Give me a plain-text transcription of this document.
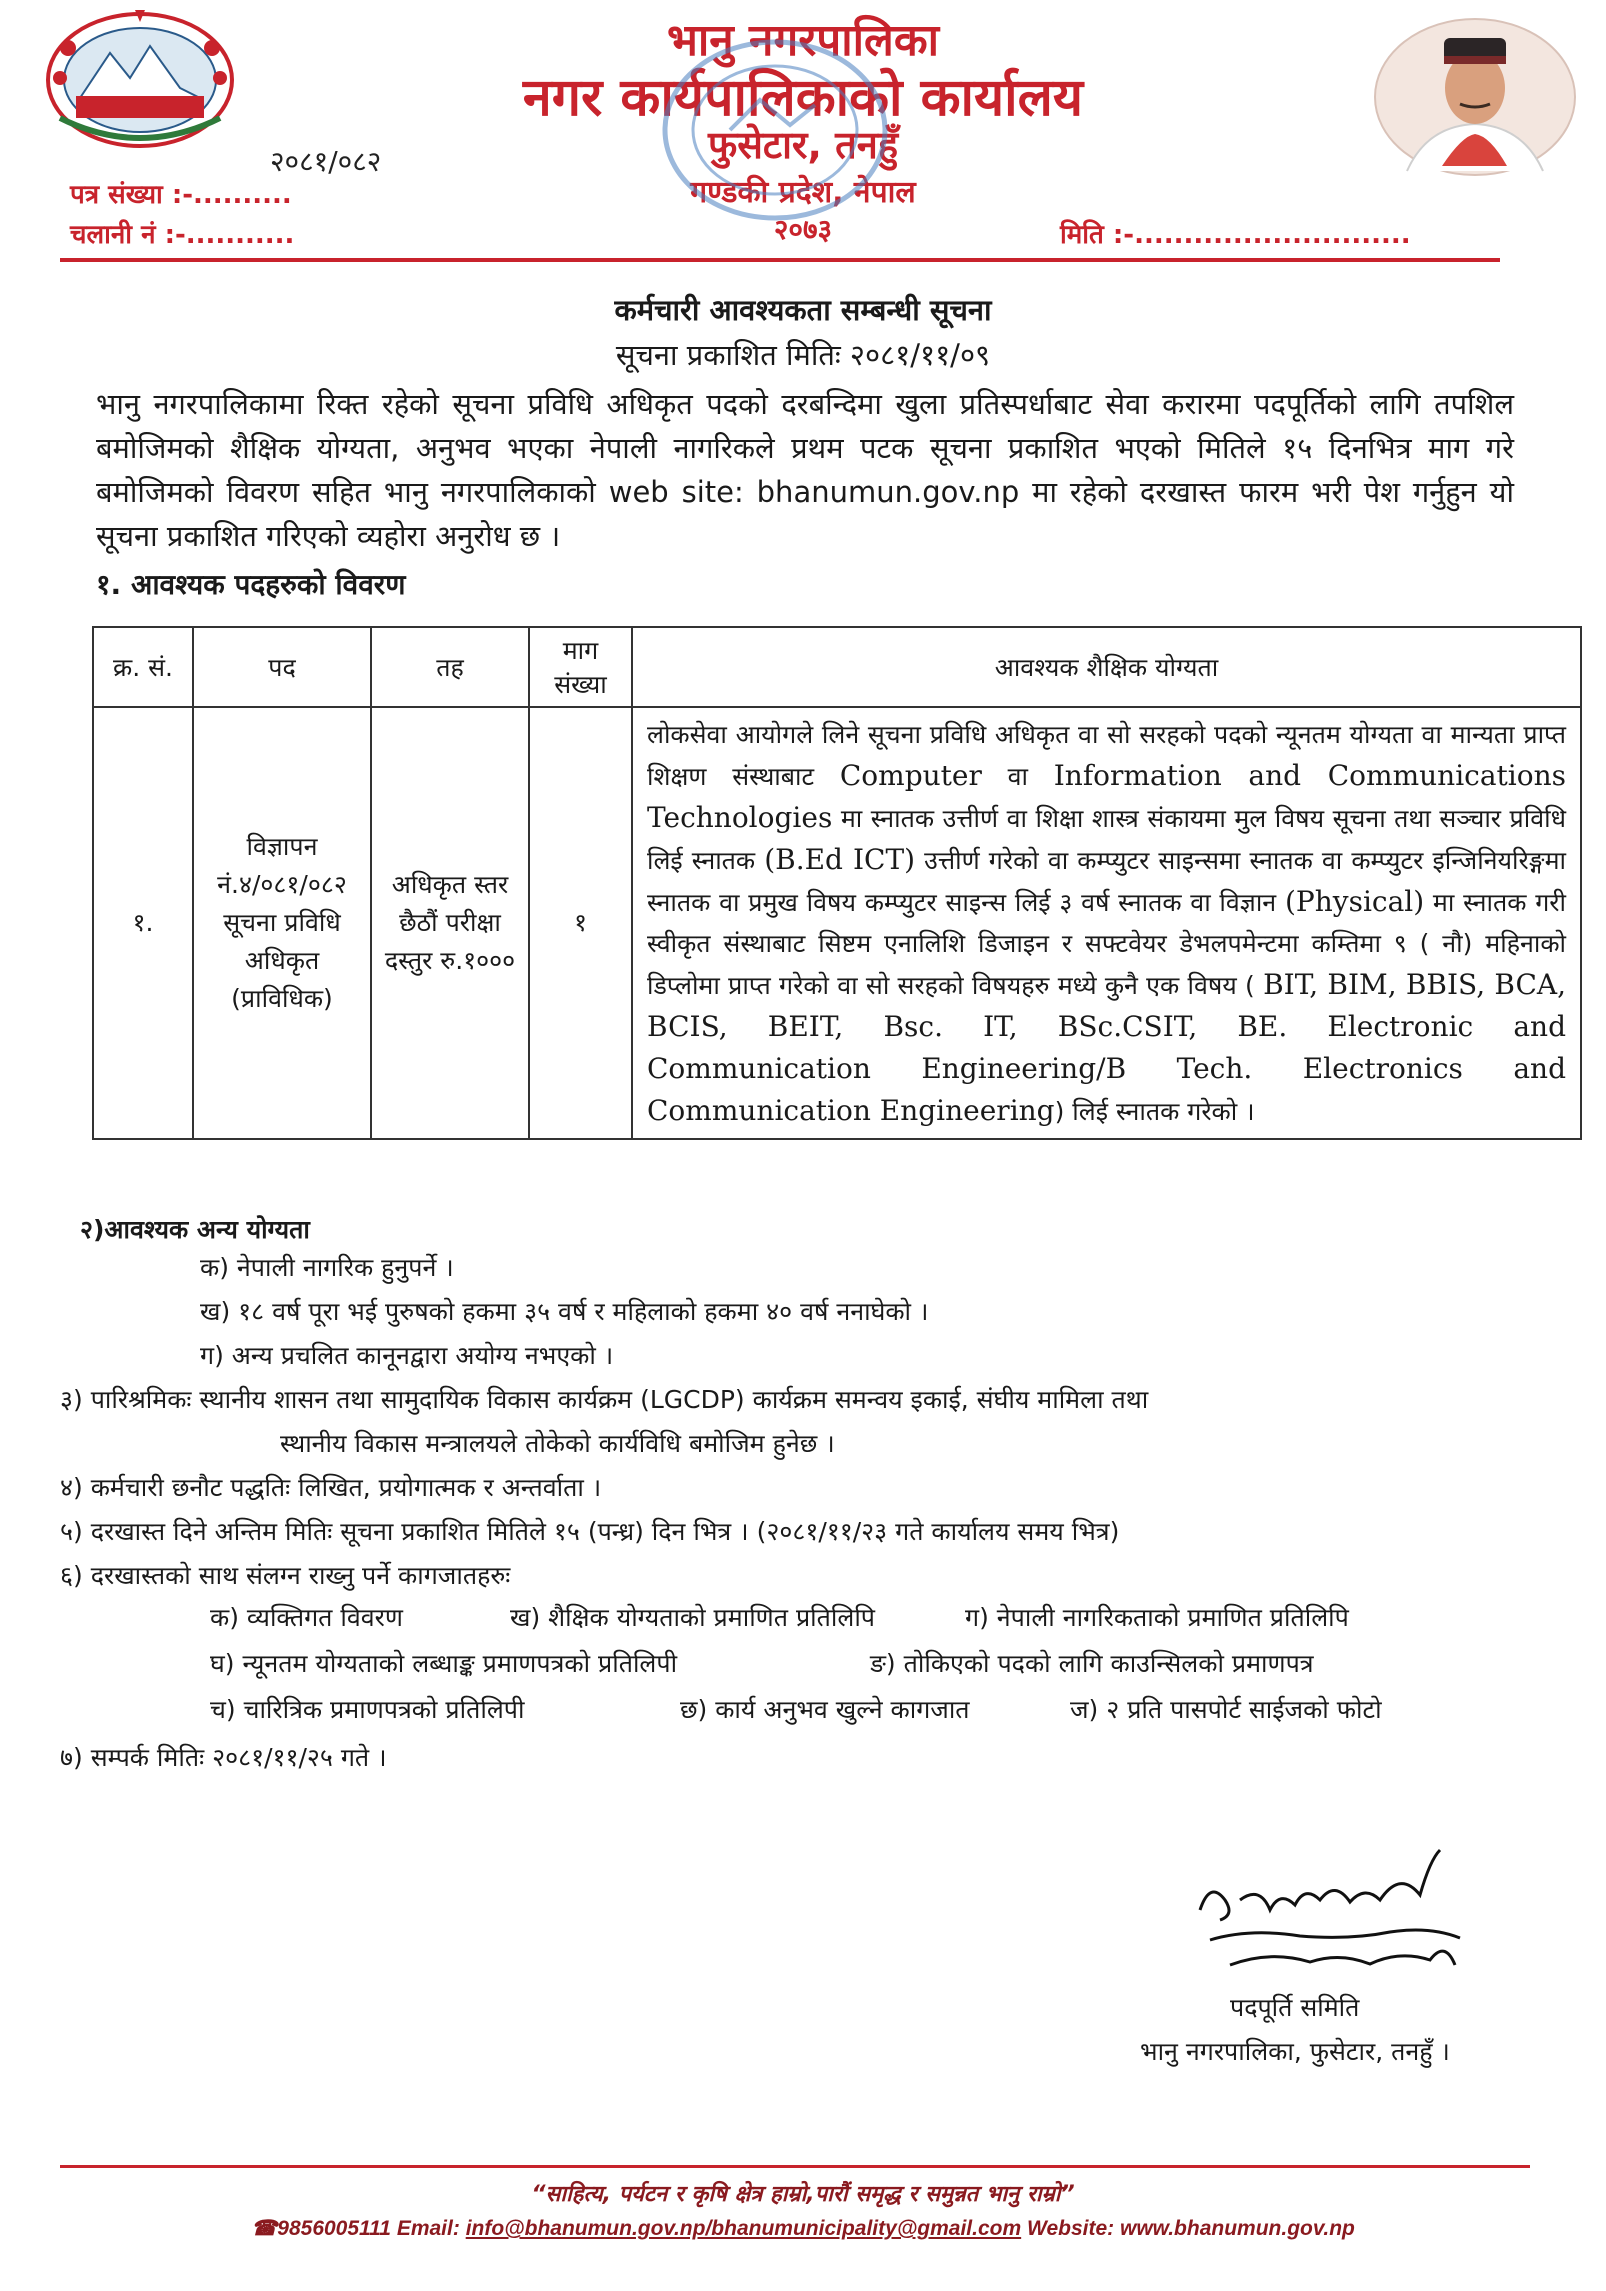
भानु नगरपालिका
नगर कार्यपालिकाको कार्यालय
फुसेटार, तनहुँ
गण्डकी प्रदेश, नेपाल
२०७३
पत्र संख्या :-..........
२०८१/०८२
चलानी नं :-...........	मिति :-............................
कर्मचारी आवश्यकता सम्बन्धी सूचना
सूचना प्रकाशित मितिः २०८१/११/०९
भानु नगरपालिकामा रिक्त रहेको सूचना प्रविधि अधिकृत पदको दरबन्दिमा खुला प्रतिस्पर्धाबाट सेवा करारमा पदपूर्तिको लागि तपशिल बमोजिमको शैक्षिक योग्यता, अनुभव भएका नेपाली नागरिकले प्रथम पटक सूचना प्रकाशित भएको मितिले १५ दिनभित्र माग गरे बमोजिमको विवरण सहित भानु नगरपालिकाको web site: bhanumun.gov.np मा रहेको दरखास्त फारम भरी पेश गर्नुहुन यो सूचना प्रकाशित गरिएको व्यहोरा अनुरोध छ ।
१. आवश्यक पदहरुको विवरण
क्र. सं.	पद	तह	माग संख्या	आवश्यक शैक्षिक योग्यता
१.	विज्ञापन नं.४/०८१/०८२ सूचना प्रविधि अधिकृत (प्राविधिक)	अधिकृत स्तर छैठौं परीक्षा दस्तुर रु.१०००	१	लोकसेवा आयोगले लिने सूचना प्रविधि अधिकृत वा सो सरहको पदको न्यूनतम योग्यता वा मान्यता प्राप्त शिक्षण संस्थाबाट Computer वा Information and Communications Technologies मा स्नातक उत्तीर्ण वा शिक्षा शास्त्र संकायमा मुल विषय सूचना तथा सञ्चार प्रविधि लिई स्नातक (B.Ed ICT) उत्तीर्ण गरेको वा कम्प्युटर साइन्समा स्नातक वा कम्प्युटर इन्जिनियरिङ्गमा स्नातक वा प्रमुख विषय कम्प्युटर साइन्स लिई ३ वर्ष स्नातक वा विज्ञान (Physical) मा स्नातक गरी स्वीकृत संस्थाबाट सिष्टम एनालिशि डिजाइन र सफ्टवेयर डेभलपमेन्टमा कम्तिमा ९ ( नौ) महिनाको डिप्लोमा प्राप्त गरेको वा सो सरहको विषयहरु मध्ये कुनै एक विषय ( BIT, BIM, BBIS, BCA, BCIS, BEIT, Bsc. IT, BSc.CSIT, BE. Electronic and Communication Engineering/B Tech. Electronics and Communication Engineering) लिई स्नातक गरेको ।
२)आवश्यक अन्य योग्यता
क) नेपाली नागरिक हुनुपर्ने ।
ख) १८ वर्ष पूरा भई पुरुषको हकमा ३५ वर्ष र महिलाको हकमा ४० वर्ष ननाघेको ।
ग) अन्य प्रचलित कानूनद्वारा अयोग्य नभएको ।
३) पारिश्रमिकः स्थानीय शासन तथा सामुदायिक विकास कार्यक्रम (LGCDP) कार्यक्रम समन्वय इकाई, संघीय मामिला तथा
स्थानीय विकास मन्त्रालयले तोकेको कार्यविधि बमोजिम हुनेछ ।
४) कर्मचारी छनौट पद्धतिः लिखित, प्रयोगात्मक र अन्तर्वाता ।
५) दरखास्त दिने अन्तिम मितिः सूचना प्रकाशित मितिले १५ (पन्ध्र) दिन भित्र । (२०८१/११/२३ गते कार्यालय समय भित्र)
६) दरखास्तको साथ संलग्न राख्नु पर्ने कागजातहरुः
क) व्यक्तिगत विवरण	ख) शैक्षिक योग्यताको प्रमाणित प्रतिलिपि	ग) नेपाली नागरिकताको प्रमाणित प्रतिलिपि
घ) न्यूनतम योग्यताको लब्धाङ्क प्रमाणपत्रको प्रतिलिपी	ङ) तोकिएको पदको लागि काउन्सिलको प्रमाणपत्र
च) चारित्रिक प्रमाणपत्रको प्रतिलिपी	छ) कार्य अनुभव खुल्ने कागजात	ज) २ प्रति पासपोर्ट साईजको फोटो
७) सम्पर्क मितिः २०८१/११/२५ गते ।
पदपूर्ति समिति
भानु नगरपालिका, फुसेटार, तनहुँ ।
“साहित्य, पर्यटन र कृषि क्षेत्र हाम्रो,पारौं समृद्ध र समुन्नत भानु राम्रो”
☎9856005111 Email: info@bhanumun.gov.np/bhanumunicipality@gmail.com Website: www.bhanumun.gov.np
